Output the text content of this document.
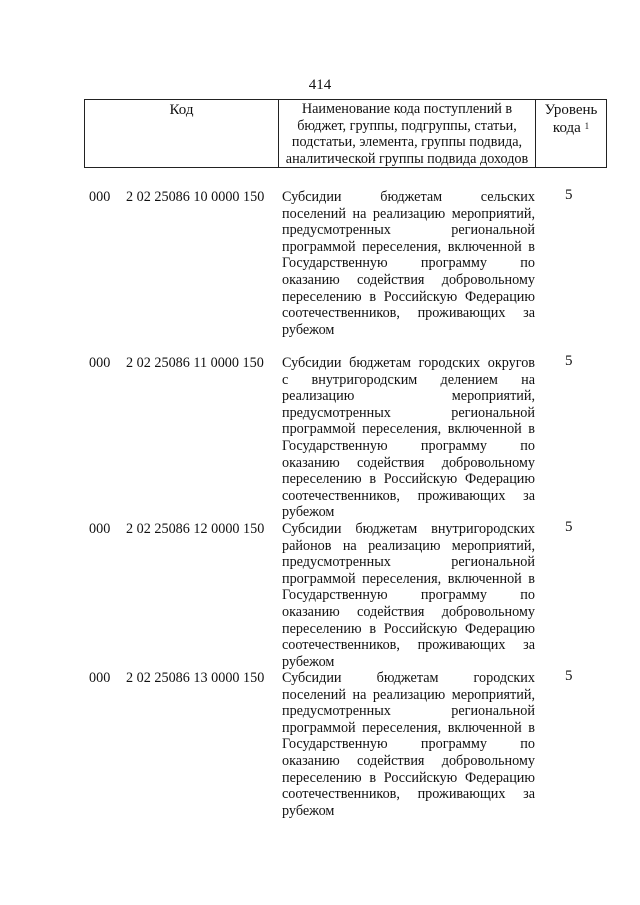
414
Код	Наименование кода поступлений в
бюджет, группы, подгруппы, статьи,
подстатьи, элемента, группы подвида,
аналитической группы подвида доходов
Уровень
кода $^1$
000 2 02 25086 10 0000 150 Субсидии бюджетам сельских
поселений на реализацию мероприятий,
предусмотренных региональной
программой переселения, включенной в
Государственную программу по
оказанию содействия добровольному
переселению в Российскую Федерацию
соотечественников, проживающих за
рубежом
5
000 2 02 25086 11 0000 150 Субсидии бюджетам городских округов
с внутригородским делением на
реализацию мероприятий,
предусмотренных региональной
программой переселения, включенной в
Государственную программу по
оказанию содействия добровольному
переселению в Российскую Федерацию
соотечественников, проживающих за
рубежом
5
000 2 02 25086 12 0000 150 Субсидии бюджетам внутригородских
районов на реализацию мероприятий,
предусмотренных региональной
программой переселения, включенной в
Государственную программу по
оказанию содействия добровольному
переселению в Российскую Федерацию
соотечественников, проживающих за
рубежом
5
000 2 02 25086 13 0000 150 Субсидии бюджетам городских
поселений на реализацию мероприятий,
предусмотренных региональной
программой переселения, включенной в
Государственную программу по
оказанию содействия добровольному
переселению в Российскую Федерацию
соотечественников, проживающих за
рубежом
5
